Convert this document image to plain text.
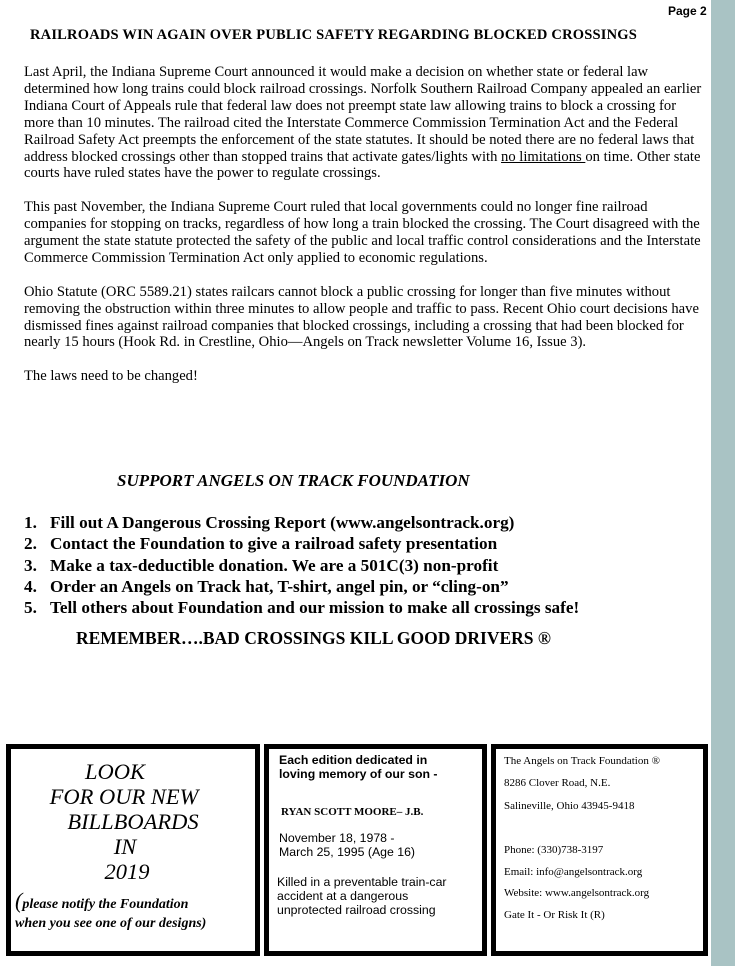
Page 2
RAILROADS WIN AGAIN OVER PUBLIC SAFETY REGARDING BLOCKED CROSSINGS

Last April, the Indiana Supreme Court announced it would make a decision on whether state or federal law determined how long trains could block railroad crossings. Norfolk Southern Railroad Company appealed an earlier Indiana Court of Appeals rule that federal law does not preempt state law allowing trains to block a crossing for more than 10 minutes. The railroad cited the Interstate Commerce Commission Termination Act and the Federal Railroad Safety Act preempts the enforcement of the state statutes. It should be noted there are no federal laws that address blocked crossings other than stopped trains that activate gates/lights with no limitations on time. Other state courts have ruled states have the power to regulate crossings.

This past November, the Indiana Supreme Court ruled that local governments could no longer fine railroad companies for stopping on tracks, regardless of how long a train blocked the crossing. The Court disagreed with the argument the state statute protected the safety of the public and local traffic control considerations and the Interstate Commerce Commission Termination Act only applied to economic regulations.

Ohio Statute (ORC 5589.21) states railcars cannot block a public crossing for longer than five minutes without removing the obstruction within three minutes to allow people and traffic to pass. Recent Ohio court decisions have dismissed fines against railroad companies that blocked crossings, including a crossing that had been blocked for nearly 15 hours (Hook Rd. in Crestline, Ohio—Angels on Track newsletter Volume 16, Issue 3).

The laws need to be changed!

SUPPORT ANGELS ON TRACK FOUNDATION
1. Fill out A Dangerous Crossing Report (www.angelsontrack.org)
2. Contact the Foundation to give a railroad safety presentation
3. Make a tax-deductible donation. We are a 501C(3) non-profit
4. Order an Angels on Track hat, T-shirt, angel pin, or “cling-on”
5. Tell others about Foundation and our mission to make all crossings safe!
REMEMBER….BAD CROSSINGS KILL GOOD DRIVERS ®
LOOK
FOR OUR NEW
BILLBOARDS
IN
2019
(please notify the Foundation
when you see one of our designs)
Each edition dedicated in
loving memory of our son -
RYAN SCOTT MOORE– J.B.
November 18, 1978 -
March 25, 1995 (Age 16)
Killed in a preventable train-car
accident at a dangerous
unprotected railroad crossing
The Angels on Track Foundation ®
8286 Clover Road, N.E.
Salineville, Ohio 43945-9418
Phone: (330)738-3197
Email: info@angelsontrack.org
Website: www.angelsontrack.org
Gate It - Or Risk It (R)
